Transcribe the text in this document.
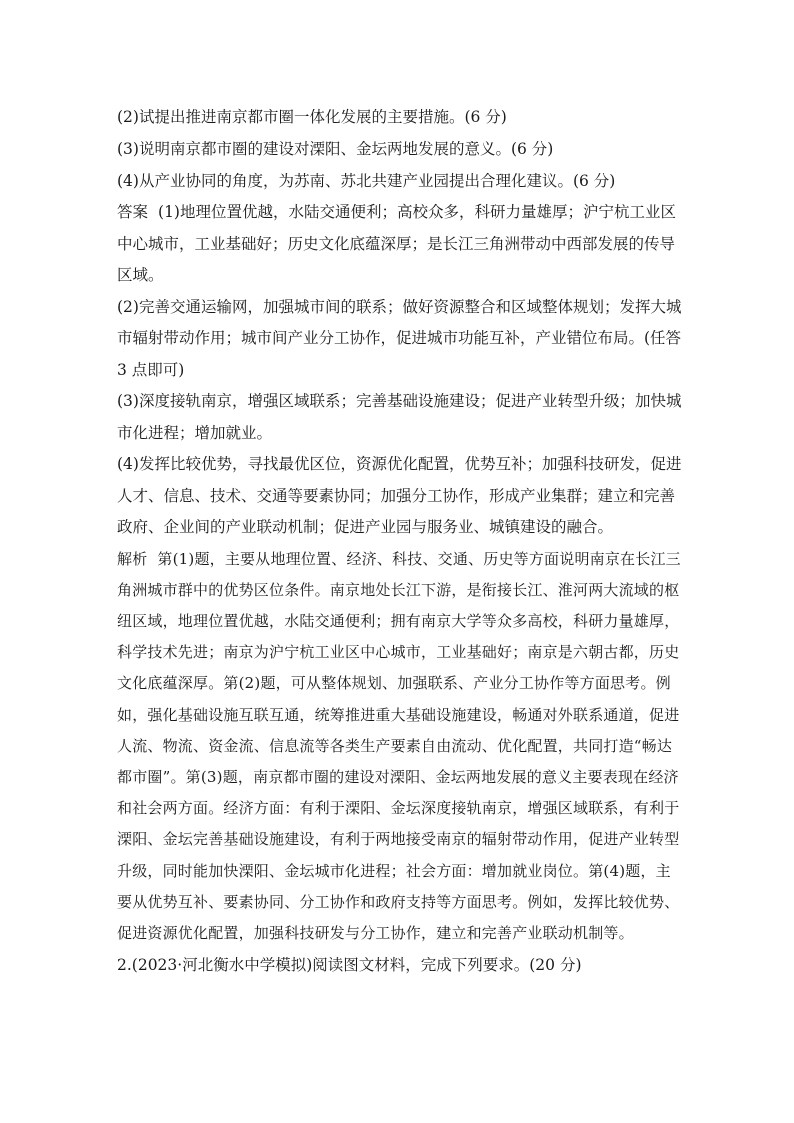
(2)试提出推进南京都市圈一体化发展的主要措施。(6 分)

(3)说明南京都市圈的建设对溧阳、金坛两地发展的意义。(6 分)

(4)从产业协同的角度，为苏南、苏北共建产业园提出合理化建议。(6 分)

答案 (1)地理位置优越，水陆交通便利；高校众多，科研力量雄厚；沪宁杭工业区中心城市，工业基础好；历史文化底蕴深厚；是长江三角洲带动中西部发展的传导区域。

(2)完善交通运输网，加强城市间的联系；做好资源整合和区域整体规划；发挥大城市辐射带动作用；城市间产业分工协作，促进城市功能互补，产业错位布局。(任答 3 点即可)

(3)深度接轨南京，增强区域联系；完善基础设施建设；促进产业转型升级；加快城市化进程；增加就业。

(4)发挥比较优势，寻找最优区位，资源优化配置，优势互补；加强科技研发，促进人才、信息、技术、交通等要素协同；加强分工协作，形成产业集群；建立和完善政府、企业间的产业联动机制；促进产业园与服务业、城镇建设的融合。

解析 第(1)题，主要从地理位置、经济、科技、交通、历史等方面说明南京在长江三角洲城市群中的优势区位条件。南京地处长江下游，是衔接长江、淮河两大流域的枢纽区域，地理位置优越，水陆交通便利；拥有南京大学等众多高校，科研力量雄厚，科学技术先进；南京为沪宁杭工业区中心城市，工业基础好；南京是六朝古都，历史文化底蕴深厚。第(2)题，可从整体规划、加强联系、产业分工协作等方面思考。例如，强化基础设施互联互通，统筹推进重大基础设施建设，畅通对外联系通道，促进人流、物流、资金流、信息流等各类生产要素自由流动、优化配置，共同打造“畅达都市圈”。第(3)题，南京都市圈的建设对溧阳、金坛两地发展的意义主要表现在经济和社会两方面。经济方面：有利于溧阳、金坛深度接轨南京，增强区域联系，有利于溧阳、金坛完善基础设施建设，有利于两地接受南京的辐射带动作用，促进产业转型升级，同时能加快溧阳、金坛城市化进程；社会方面：增加就业岗位。第(4)题，主要从优势互补、要素协同、分工协作和政府支持等方面思考。例如，发挥比较优势、促进资源优化配置，加强科技研发与分工协作，建立和完善产业联动机制等。

2.(2023·河北衡水中学模拟)阅读图文材料，完成下列要求。(20 分)
